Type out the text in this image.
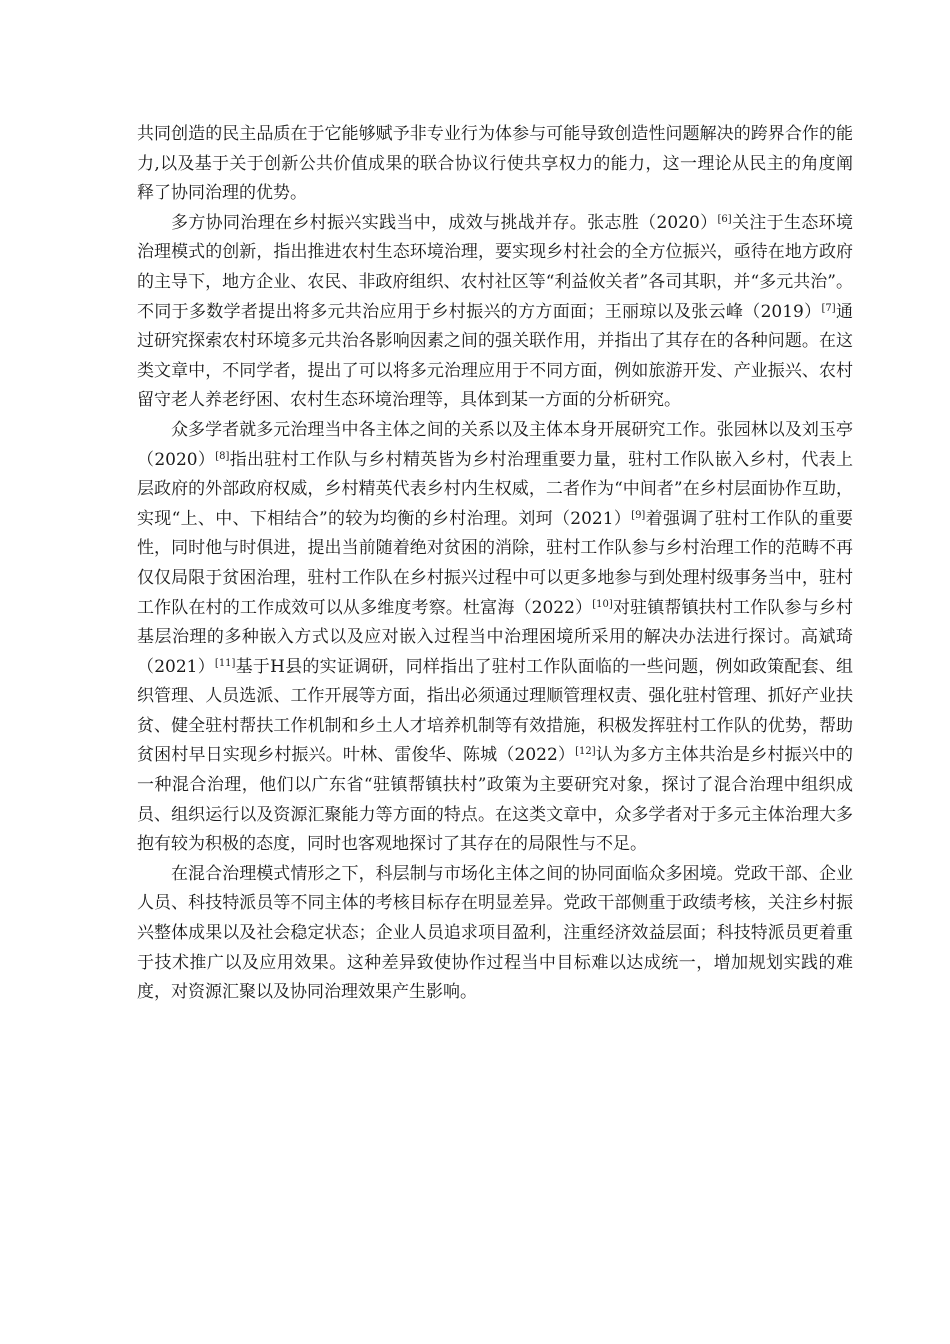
共同创造的民主品质在于它能够赋予非专业行为体参与可能导致创造性问题解决的跨界合作的能力,以及基于关于创新公共价值成果的联合协议行使共享权力的能力，这一理论从民主的角度阐释了协同治理的优势。

多方协同治理在乡村振兴实践当中，成效与挑战并存。张志胜（2020）[6]关注于生态环境治理模式的创新，指出推进农村生态环境治理，要实现乡村社会的全方位振兴，亟待在地方政府的主导下，地方企业、农民、非政府组织、农村社区等“利益攸关者”各司其职，并“多元共治”。不同于多数学者提出将多元共治应用于乡村振兴的方方面面；王丽琼以及张云峰（2019）[7]通过研究探索农村环境多元共治各影响因素之间的强关联作用，并指出了其存在的各种问题。在这类文章中，不同学者，提出了可以将多元治理应用于不同方面，例如旅游开发、产业振兴、农村留守老人养老纾困、农村生态环境治理等，具体到某一方面的分析研究。

众多学者就多元治理当中各主体之间的关系以及主体本身开展研究工作。张园林以及刘玉亭（2020）[8]指出驻村工作队与乡村精英皆为乡村治理重要力量，驻村工作队嵌入乡村，代表上层政府的外部政府权威，乡村精英代表乡村内生权威，二者作为“中间者”在乡村层面协作互助，实现“上、中、下相结合”的较为均衡的乡村治理。刘珂（2021）[9]着强调了驻村工作队的重要性，同时他与时俱进，提出当前随着绝对贫困的消除，驻村工作队参与乡村治理工作的范畴不再仅仅局限于贫困治理，驻村工作队在乡村振兴过程中可以更多地参与到处理村级事务当中，驻村工作队在村的工作成效可以从多维度考察。杜富海（2022）[10]对驻镇帮镇扶村工作队参与乡村基层治理的多种嵌入方式以及应对嵌入过程当中治理困境所采用的解决办法进行探讨。高斌琦（2021）[11]基于H县的实证调研，同样指出了驻村工作队面临的一些问题，例如政策配套、组织管理、人员选派、工作开展等方面，指出必须通过理顺管理权责、强化驻村管理、抓好产业扶贫、健全驻村帮扶工作机制和乡土人才培养机制等有效措施，积极发挥驻村工作队的优势，帮助贫困村早日实现乡村振兴。叶林、雷俊华、陈城（2022）[12]认为多方主体共治是乡村振兴中的一种混合治理，他们以广东省“驻镇帮镇扶村”政策为主要研究对象，探讨了混合治理中组织成员、组织运行以及资源汇聚能力等方面的特点。在这类文章中，众多学者对于多元主体治理大多抱有较为积极的态度，同时也客观地探讨了其存在的局限性与不足。

在混合治理模式情形之下，科层制与市场化主体之间的协同面临众多困境。党政干部、企业人员、科技特派员等不同主体的考核目标存在明显差异。党政干部侧重于政绩考核，关注乡村振兴整体成果以及社会稳定状态；企业人员追求项目盈利，注重经济效益层面；科技特派员更着重于技术推广以及应用效果。这种差异致使协作过程当中目标难以达成统一，增加规划实践的难度，对资源汇聚以及协同治理效果产生影响。
